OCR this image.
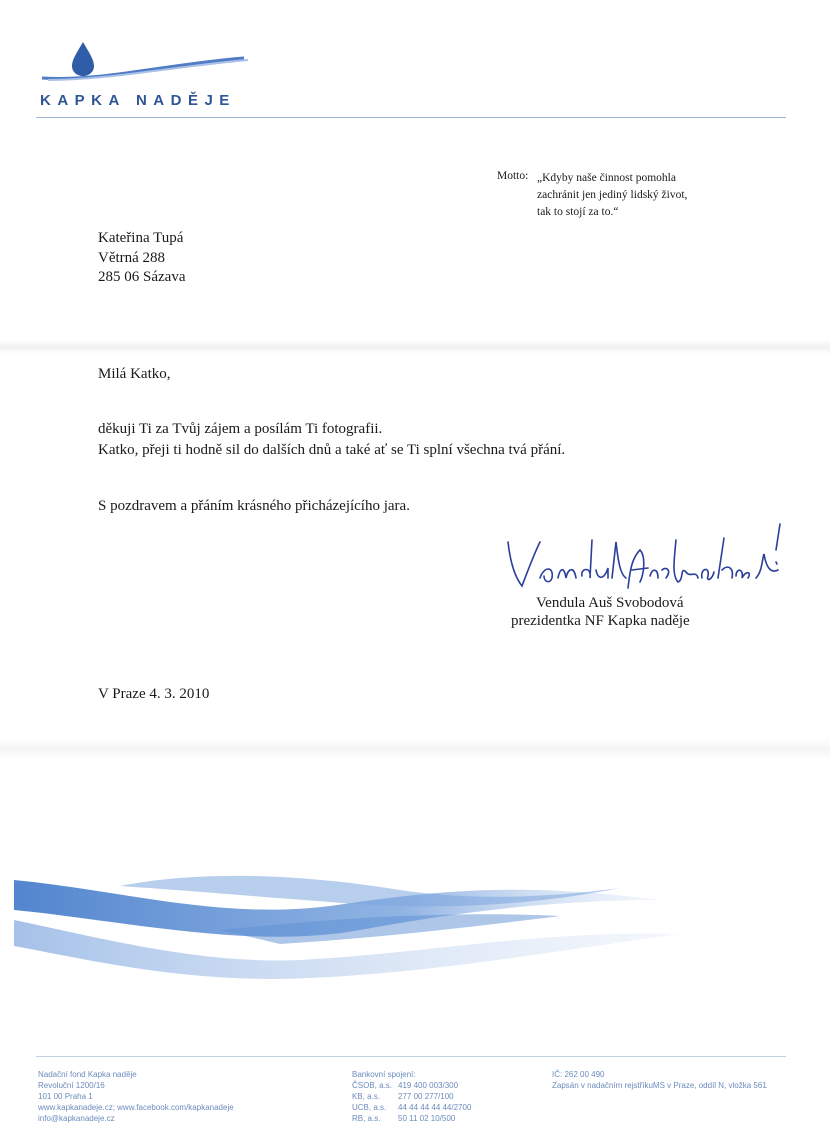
KAPKA NADĚJE
Motto: „Kdyby naše činnost pomohla
zachránit jen jediný lidský život,
tak to stojí za to.“
Kateřina Tupá
Větrná 288
285 06 Sázava
Milá Katko,
děkuji Ti za Tvůj zájem a posílám Ti fotografii.
Katko, přeji ti hodně sil do dalších dnů a také ať se Ti splní všechna tvá přání.
S pozdravem a přáním krásného přicházejícího jara.
Vendula Auš Svobodová
prezidentka NF Kapka naděje
V Praze 4. 3. 2010
Nadační fond Kapka naděje
Revoluční 1200/16
101 00 Praha 1
www.kapkanadeje.cz; www.facebook.com/kapkanadeje
info@kapkanadeje.cz
Bankovní spojení:
ČSOB, a.s. 419 400 003/300
KB, a.s. 277 00 277/100
UCB, a.s. 44 44 44 44 44/2700
RB, a.s. 50 11 02 10/500
IČ: 262 00 490
Zapsán v nadačním rejstříkuMS v Praze, oddíl N, vložka 561
